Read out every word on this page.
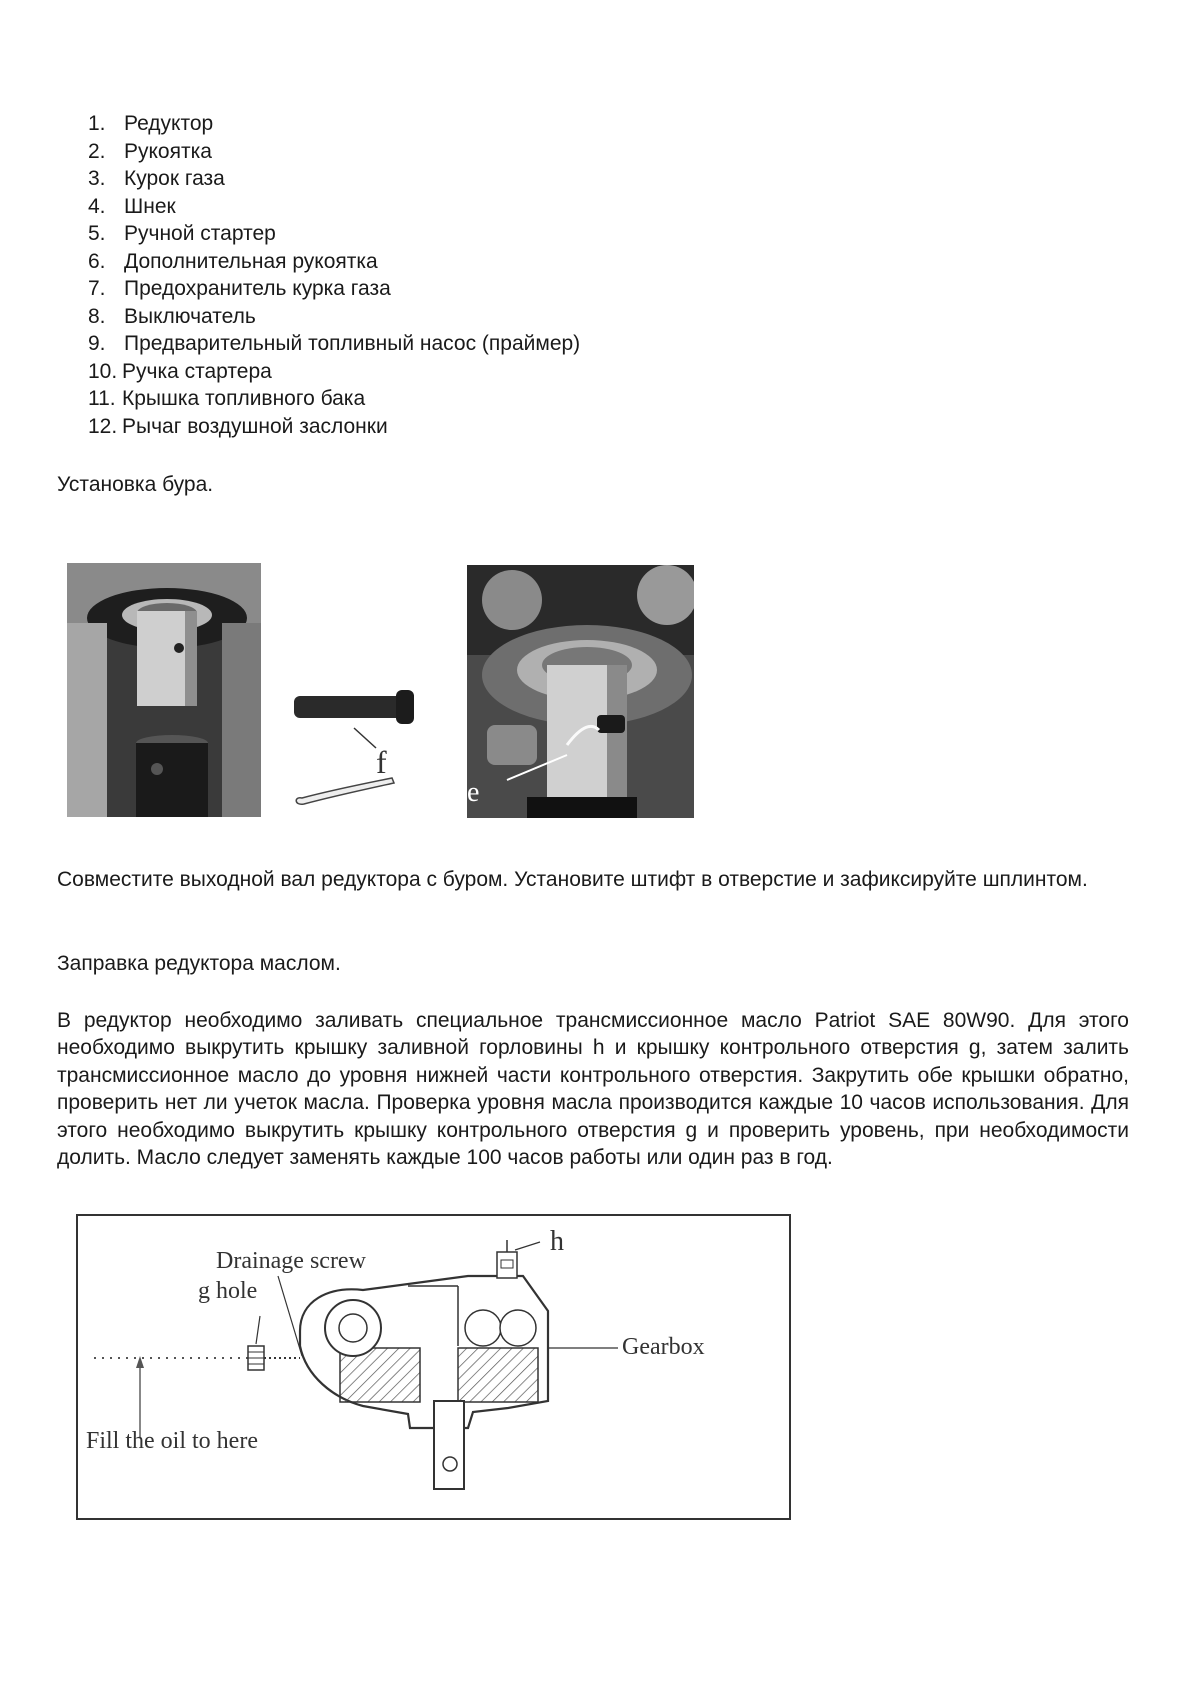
1. Редуктор
2. Рукоятка
3. Курок газа
4. Шнек
5. Ручной стартер
6. Дополнительная рукоятка
7. Предохранитель курка газа
8. Выключатель
9. Предварительный топливный насос (праймер)
10. Ручка стартера
11. Крышка топливного бака
12. Рычаг воздушной заслонки

Установка бура.

f
e

Совместите выходной вал редуктора с буром. Установите штифт в отверстие и зафиксируйте шплинтом.

Заправка редуктора маслом.

В редуктор необходимо заливать специальное трансмиссионное масло Patriot SAE 80W90. Для этого необходимо выкрутить крышку заливной горловины h и крышку контрольного отверстия g, затем залить трансмиссионное масло до уровня нижней части контрольного отверстия. Закрутить обе крышки обратно, проверить нет ли учеток масла. Проверка уровня масла производится каждые 10 часов использования. Для этого необходимо выкрутить крышку контрольного отверстия g и проверить уровень, при необходимости долить. Масло следует заменять каждые 100 часов работы или один раз в год.

h
Drainage screw
g hole
Gearbox
Fill the oil to here
